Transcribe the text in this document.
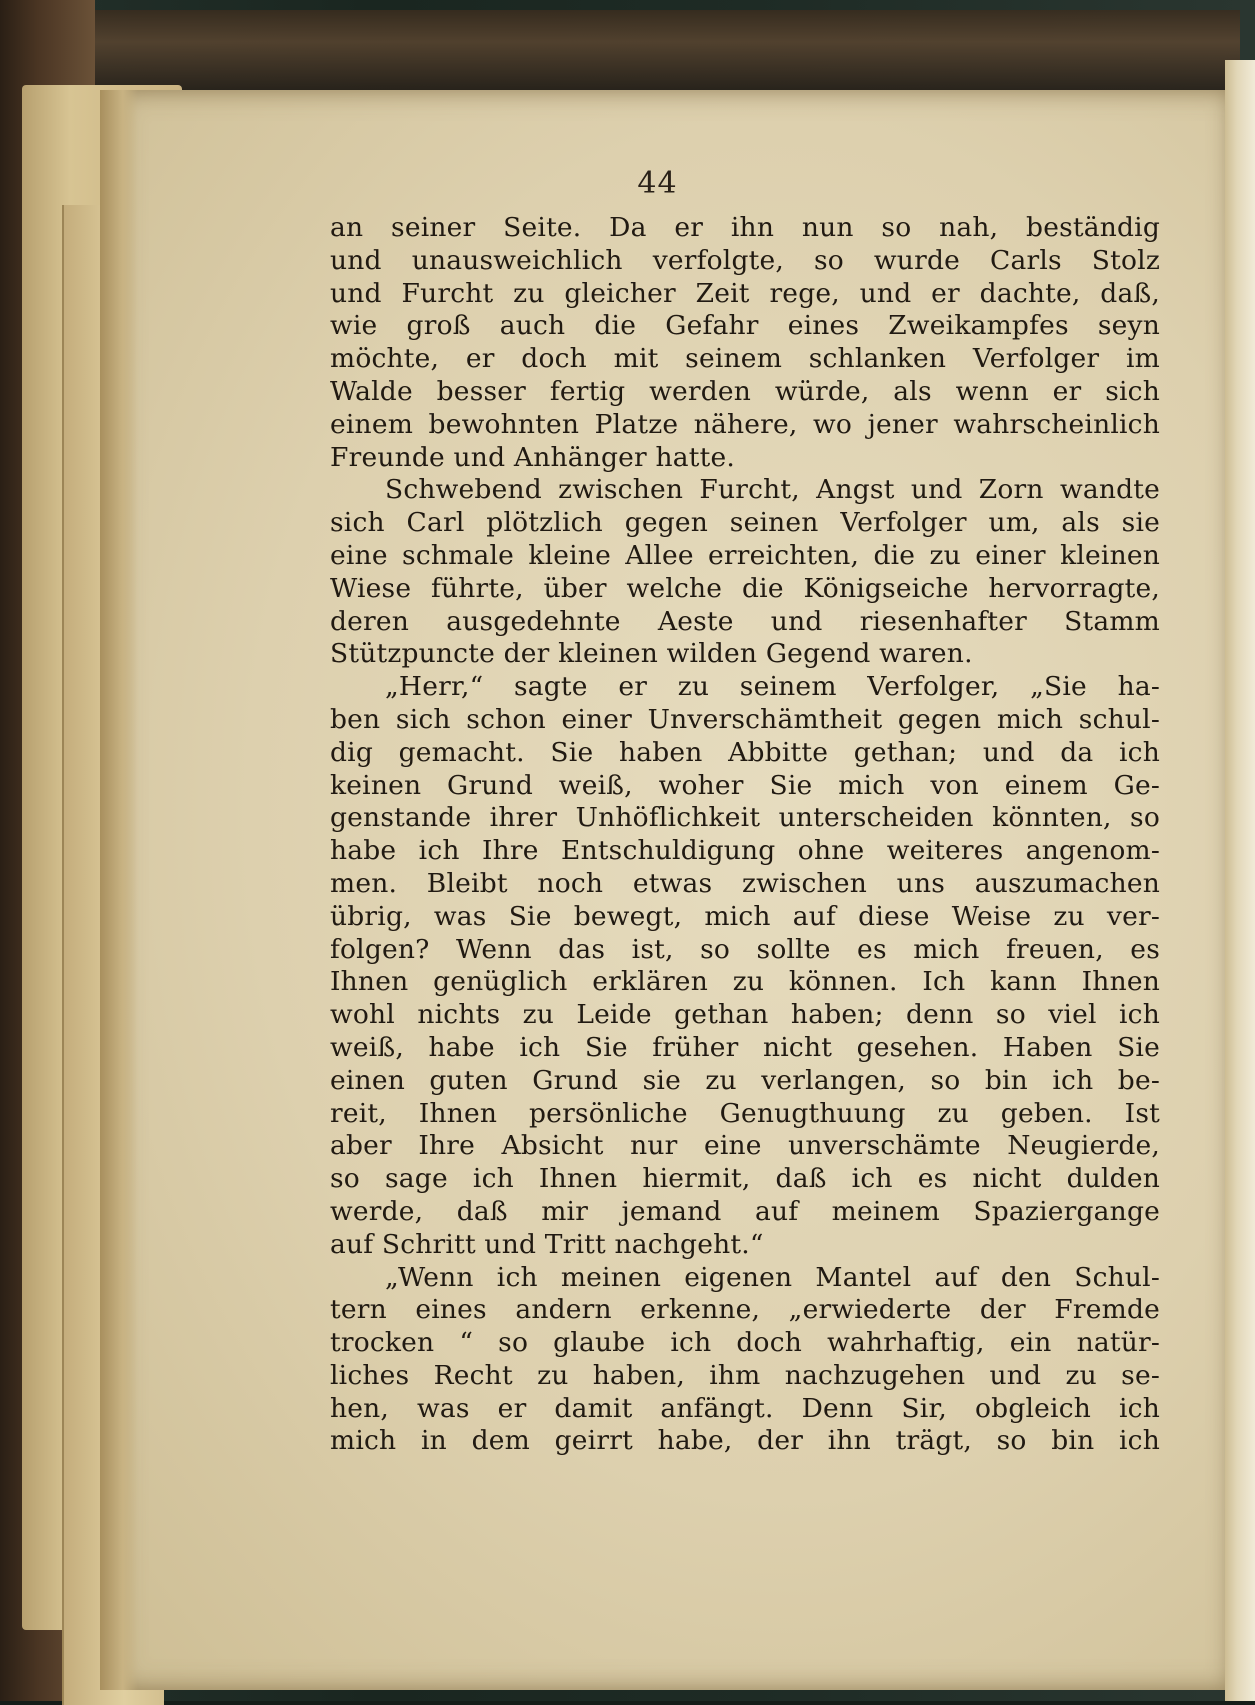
44
an seiner Seite. Da er ihn nun so nah, beständig
und unausweichlich verfolgte, so wurde Carls Stolz
und Furcht zu gleicher Zeit rege, und er dachte, daß,
wie groß auch die Gefahr eines Zweikampfes seyn
möchte, er doch mit seinem schlanken Verfolger im
Walde besser fertig werden würde, als wenn er sich
einem bewohnten Platze nähere, wo jener wahrscheinlich
Freunde und Anhänger hatte.
Schwebend zwischen Furcht, Angst und Zorn wandte
sich Carl plötzlich gegen seinen Verfolger um, als sie
eine schmale kleine Allee erreichten, die zu einer kleinen
Wiese führte, über welche die Königseiche hervorragte,
deren ausgedehnte Aeste und riesenhafter Stamm
Stützpuncte der kleinen wilden Gegend waren.
„Herr,“ sagte er zu seinem Verfolger, „Sie ha-
ben sich schon einer Unverschämtheit gegen mich schul-
dig gemacht. Sie haben Abbitte gethan; und da ich
keinen Grund weiß, woher Sie mich von einem Ge-
genstande ihrer Unhöflichkeit unterscheiden könnten, so
habe ich Ihre Entschuldigung ohne weiteres angenom-
men. Bleibt noch etwas zwischen uns auszumachen
übrig, was Sie bewegt, mich auf diese Weise zu ver-
folgen? Wenn das ist, so sollte es mich freuen, es
Ihnen genüglich erklären zu können. Ich kann Ihnen
wohl nichts zu Leide gethan haben; denn so viel ich
weiß, habe ich Sie früher nicht gesehen. Haben Sie
einen guten Grund sie zu verlangen, so bin ich be-
reit, Ihnen persönliche Genugthuung zu geben. Ist
aber Ihre Absicht nur eine unverschämte Neugierde,
so sage ich Ihnen hiermit, daß ich es nicht dulden
werde, daß mir jemand auf meinem Spaziergange
auf Schritt und Tritt nachgeht.“
„Wenn ich meinen eigenen Mantel auf den Schul-
tern eines andern erkenne, „erwiederte der Fremde
trocken “ so glaube ich doch wahrhaftig, ein natür-
liches Recht zu haben, ihm nachzugehen und zu se-
hen, was er damit anfängt. Denn Sir, obgleich ich
mich in dem geirrt habe, der ihn trägt, so bin ich
